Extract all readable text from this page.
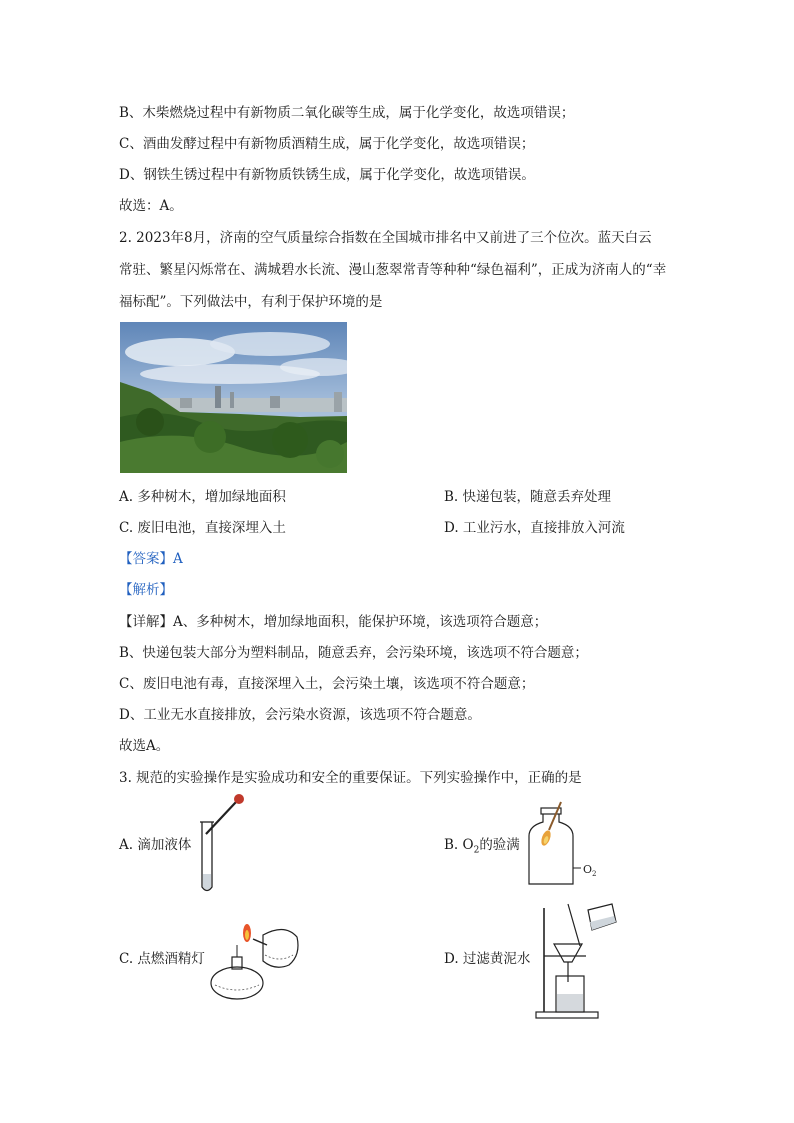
B、木柴燃烧过程中有新物质二氧化碳等生成，属于化学变化，故选项错误；
C、酒曲发酵过程中有新物质酒精生成，属于化学变化，故选项错误；
D、钢铁生锈过程中有新物质铁锈生成，属于化学变化，故选项错误。
故选：A。
2. 2023年8月，济南的空气质量综合指数在全国城市排名中又前进了三个位次。蓝天白云
常驻、繁星闪烁常在、满城碧水长流、漫山葱翠常青等种种“绿色福利”，正成为济南人的“幸
福标配”。下列做法中，有利于保护环境的是
A. 多种树木，增加绿地面积	B. 快递包装，随意丢弃处理
C. 废旧电池，直接深埋入土	D. 工业污水，直接排放入河流
【答案】A
【解析】
【详解】A、多种树木，增加绿地面积，能保护环境，该选项符合题意；
B、快递包装大部分为塑料制品，随意丢弃，会污染环境，该选项不符合题意；
C、废旧电池有毒，直接深埋入土，会污染土壤，该选项不符合题意；
D、工业无水直接排放，会污染水资源，该选项不符合题意。
故选A。
3. 规范的实验操作是实验成功和安全的重要保证。下列实验操作中，正确的是
A. 滴加液体	B. $O_2$的验满
C. 点燃酒精灯	D. 过滤黄泥水
$O_2$
